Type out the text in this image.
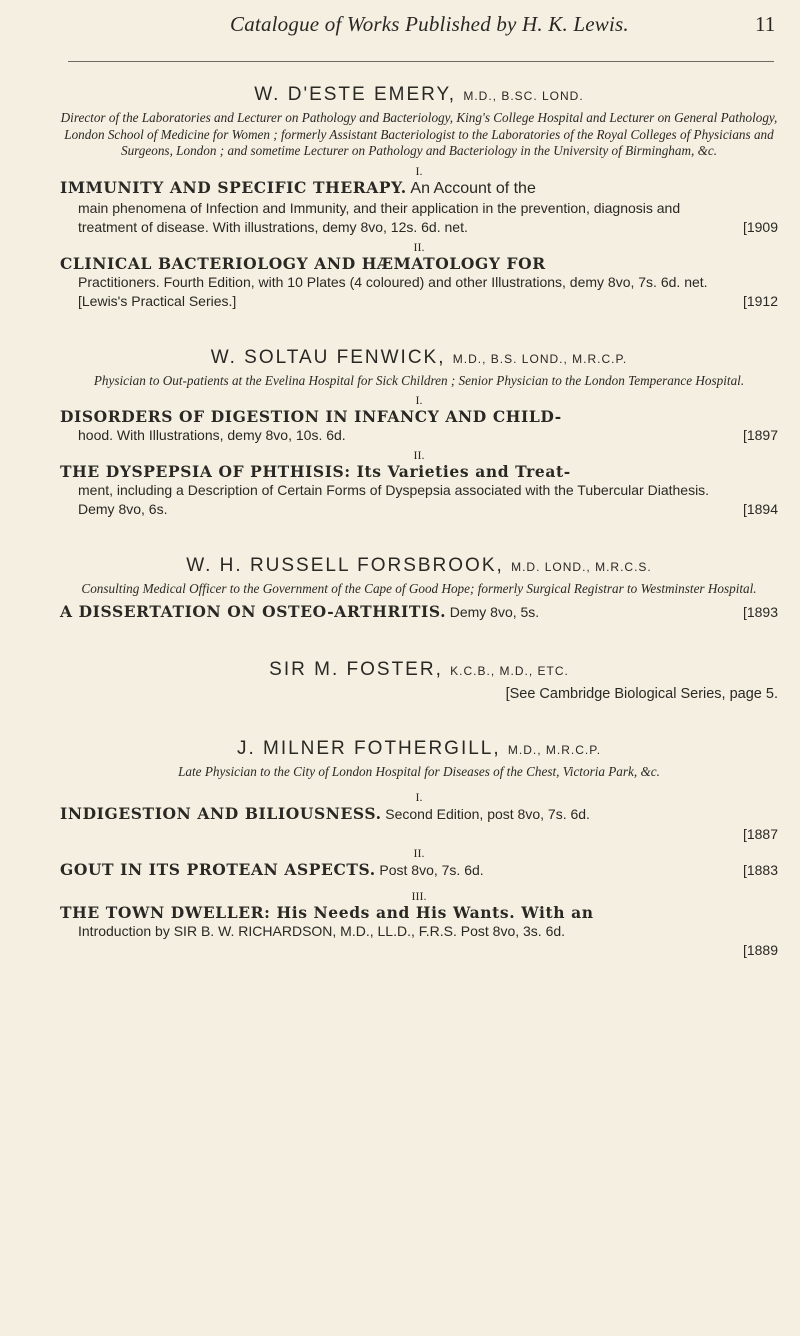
Catalogue of Works Published by H. K. Lewis.	11

W. D'ESTE EMERY, M.D., B.SC. LOND.

Director of the Laboratories and Lecturer on Pathology and Bacteriology, King's College Hospital and Lecturer on General Pathology, London School of Medicine for Women ; formerly Assistant Bacteriologist to the Laboratories of the Royal Colleges of Physicians and Surgeons, London ; and sometime Lecturer on Pathology and Bacteriology in the University of Birmingham, &c.

I.

IMMUNITY AND SPECIFIC THERAPY. An Account of the
main phenomena of Infection and Immunity, and their application in the prevention, diagnosis and treatment of disease. With illustrations, demy 8vo, 12s. 6d. net.	[1909

II.

CLINICAL BACTERIOLOGY AND HÆMATOLOGY FOR
Practitioners. Fourth Edition, with 10 Plates (4 coloured) and other Illustrations, demy 8vo, 7s. 6d. net. [Lewis's Practical Series.]	[1912

W. SOLTAU FENWICK, M.D., B.S. LOND., M.R.C.P.

Physician to Out-patients at the Evelina Hospital for Sick Children ; Senior Physician to the London Temperance Hospital.

I.

DISORDERS OF DIGESTION IN INFANCY AND CHILD-
hood. With Illustrations, demy 8vo, 10s. 6d.	[1897

II.

THE DYSPEPSIA OF PHTHISIS: Its Varieties and Treat-
ment, including a Description of Certain Forms of Dyspepsia associated with the Tubercular Diathesis. Demy 8vo, 6s.	[1894

W. H. RUSSELL FORSBROOK, M.D. LOND., M.R.C.S.

Consulting Medical Officer to the Government of the Cape of Good Hope; formerly Surgical Registrar to Westminster Hospital.

A DISSERTATION ON OSTEO-ARTHRITIS. Demy 8vo, 5s.	[1893

SIR M. FOSTER, K.C.B., M.D., ETC.

[See Cambridge Biological Series, page 5.

J. MILNER FOTHERGILL, M.D., M.R.C.P.

Late Physician to the City of London Hospital for Diseases of the Chest, Victoria Park, &c.

I.

INDIGESTION AND BILIOUSNESS. Second Edition, post 8vo, 7s. 6d.
[1887

II.

GOUT IN ITS PROTEAN ASPECTS. Post 8vo, 7s. 6d.	[1883

III.

THE TOWN DWELLER: His Needs and His Wants. With an
Introduction by SIR B. W. RICHARDSON, M.D., LL.D., F.R.S. Post 8vo, 3s. 6d.
[1889
